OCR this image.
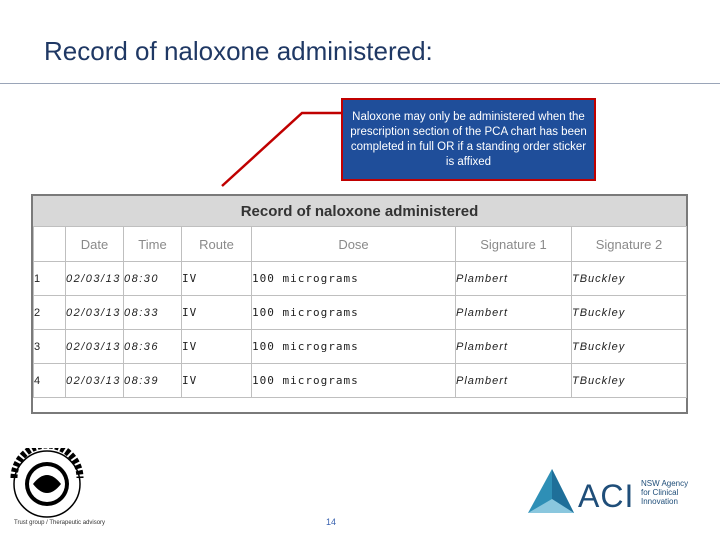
Record of naloxone administered:
Naloxone may only be administered when the prescription section of the PCA chart has been completed in full OR if a standing order sticker is affixed
Record of naloxone administered
	Date	Time	Route	Dose	Signature 1	Signature 2
1	02/03/13	08:30	IV	100 micrograms	Plambert	TBuckley
2	02/03/13	08:33	IV	100 micrograms	Plambert	TBuckley
3	02/03/13	08:36	IV	100 micrograms	Plambert	TBuckley
4	02/03/13	08:39	IV	100 micrograms	Plambert	TBuckley
Trust group / Therapeutic advisory	14
ACI NSW Agency
for Clinical
Innovation
